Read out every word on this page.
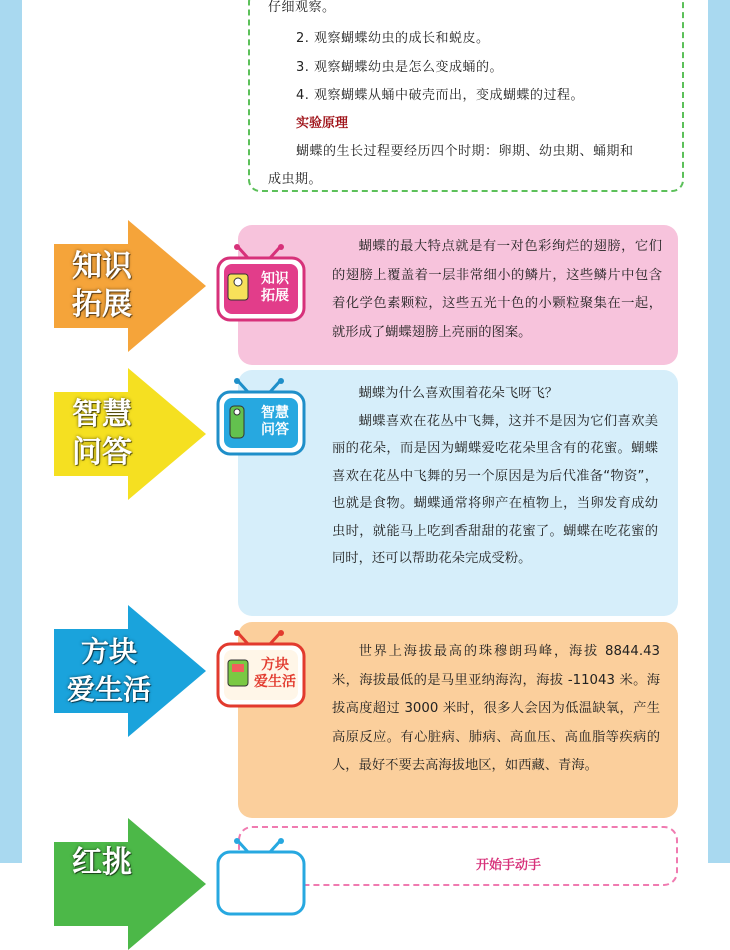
仔细观察。
2. 观察蝴蝶幼虫的成长和蜕皮。
3. 观察蝴蝶幼虫是怎么变成蛹的。
4. 观察蝴蝶从蛹中破壳而出，变成蝴蝶的过程。
实验原理
蝴蝶的生长过程要经历四个时期：卵期、幼虫期、蛹期和
成虫期。
知识
拓展

蝴蝶的最大特点就是有一对色彩绚烂的翅膀，它们的翅膀上覆盖着一层非常细小的鳞片，这些鳞片中包含着化学色素颗粒，这些五光十色的小颗粒聚集在一起，就形成了蝴蝶翅膀上亮丽的图案。

知识
拓展
智慧
问答

蝴蝶为什么喜欢围着花朵飞呀飞？

蝴蝶喜欢在花丛中飞舞，这并不是因为它们喜欢美丽的花朵，而是因为蝴蝶爱吃花朵里含有的花蜜。蝴蝶喜欢在花丛中飞舞的另一个原因是为后代准备“物资”，也就是食物。蝴蝶通常将卵产在植物上，当卵发育成幼虫时，就能马上吃到香甜甜的花蜜了。蝴蝶在吃花蜜的同时，还可以帮助花朵完成受粉。

智慧
问答
方块
爱生活

世界上海拔最高的珠穆朗玛峰，海拔 8844.43 米，海拔最低的是马里亚纳海沟，海拔 -11043 米。海拔高度超过 3000 米时，很多人会因为低温缺氧，产生高原反应。有心脏病、肺病、高血压、高血脂等疾病的人，最好不要去高海拔地区，如西藏、青海。

方块
爱生活
红挑	开始手动手
